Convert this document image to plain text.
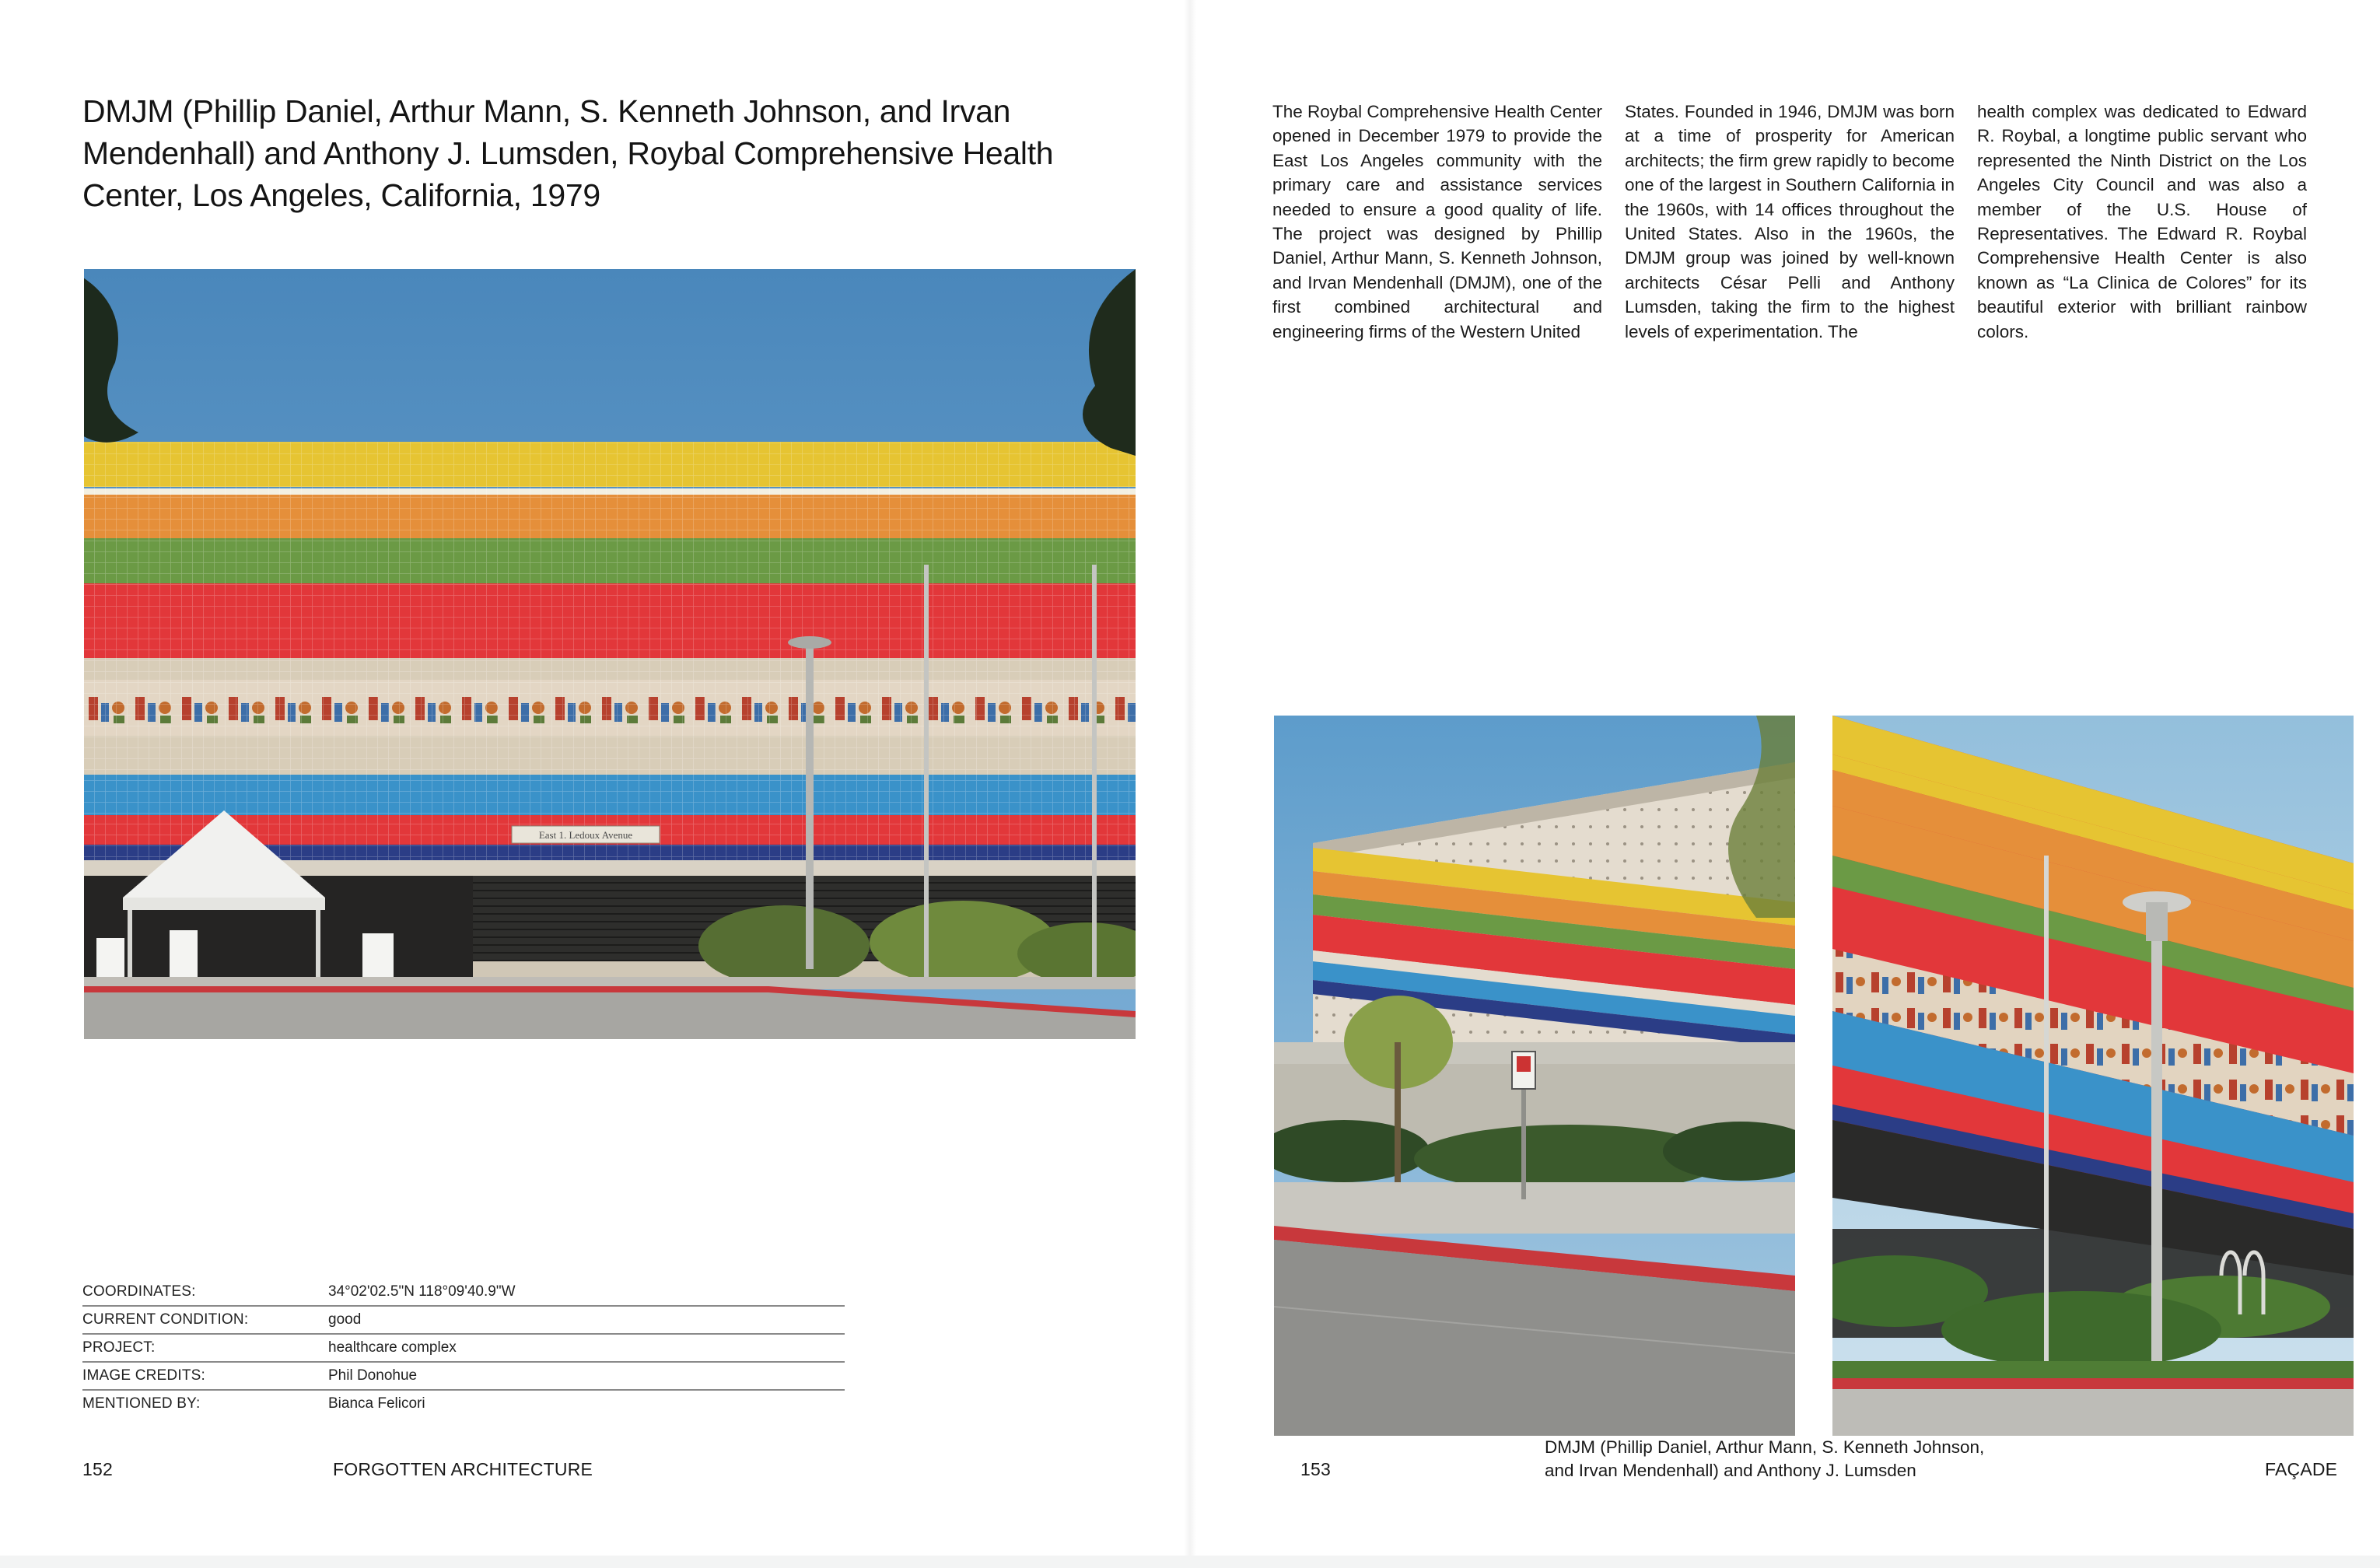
DMJM (Phillip Daniel, Arthur Mann, S. Kenneth Johnson, and Irvan Mendenhall) and Anthony J. Lumsden, Roybal Comprehensive Health Center, Los Angeles, California, 1979
East 1. Ledoux Avenue
COORDINATES:	34°02'02.5"N 118°09'40.9"W
CURRENT CONDITION:	good
PROJECT:	healthcare complex
IMAGE CREDITS:	Phil Donohue
MENTIONED BY:	Bianca Felicori
152	FORGOTTEN ARCHITECTURE

The Roybal Comprehensive Health Center opened in December 1979 to provide the East Los Angeles community with the primary care and assistance services needed to ensure a good quality of life. The project was designed by Phillip Daniel, Arthur Mann, S. Kenneth Johnson, and Irvan Mendenhall (DMJM), one of the first combined architectural and engineering firms of the Western United

States. Founded in 1946, DMJM was born at a time of prosperity for American architects; the firm grew rapidly to become one of the largest in Southern California in the 1960s, with 14 offices throughout the United States. Also in the 1960s, the DMJM group was joined by well-known architects César Pelli and Anthony Lumsden, taking the firm to the highest levels of experimentation. The

health complex was dedicated to Edward R. Roybal, a longtime public servant who represented the Ninth District on the Los Angeles City Council and was also a member of the U.S. House of Representatives. The Edward R. Roybal Comprehensive Health Center is also known as “La Clinica de Colores” for its beautiful exterior with brilliant rainbow colors.

DMJM (Phillip Daniel, Arthur Mann, S. Kenneth Johnson,
and Irvan Mendenhall) and Anthony J. Lumsden
153	FAÇADE
